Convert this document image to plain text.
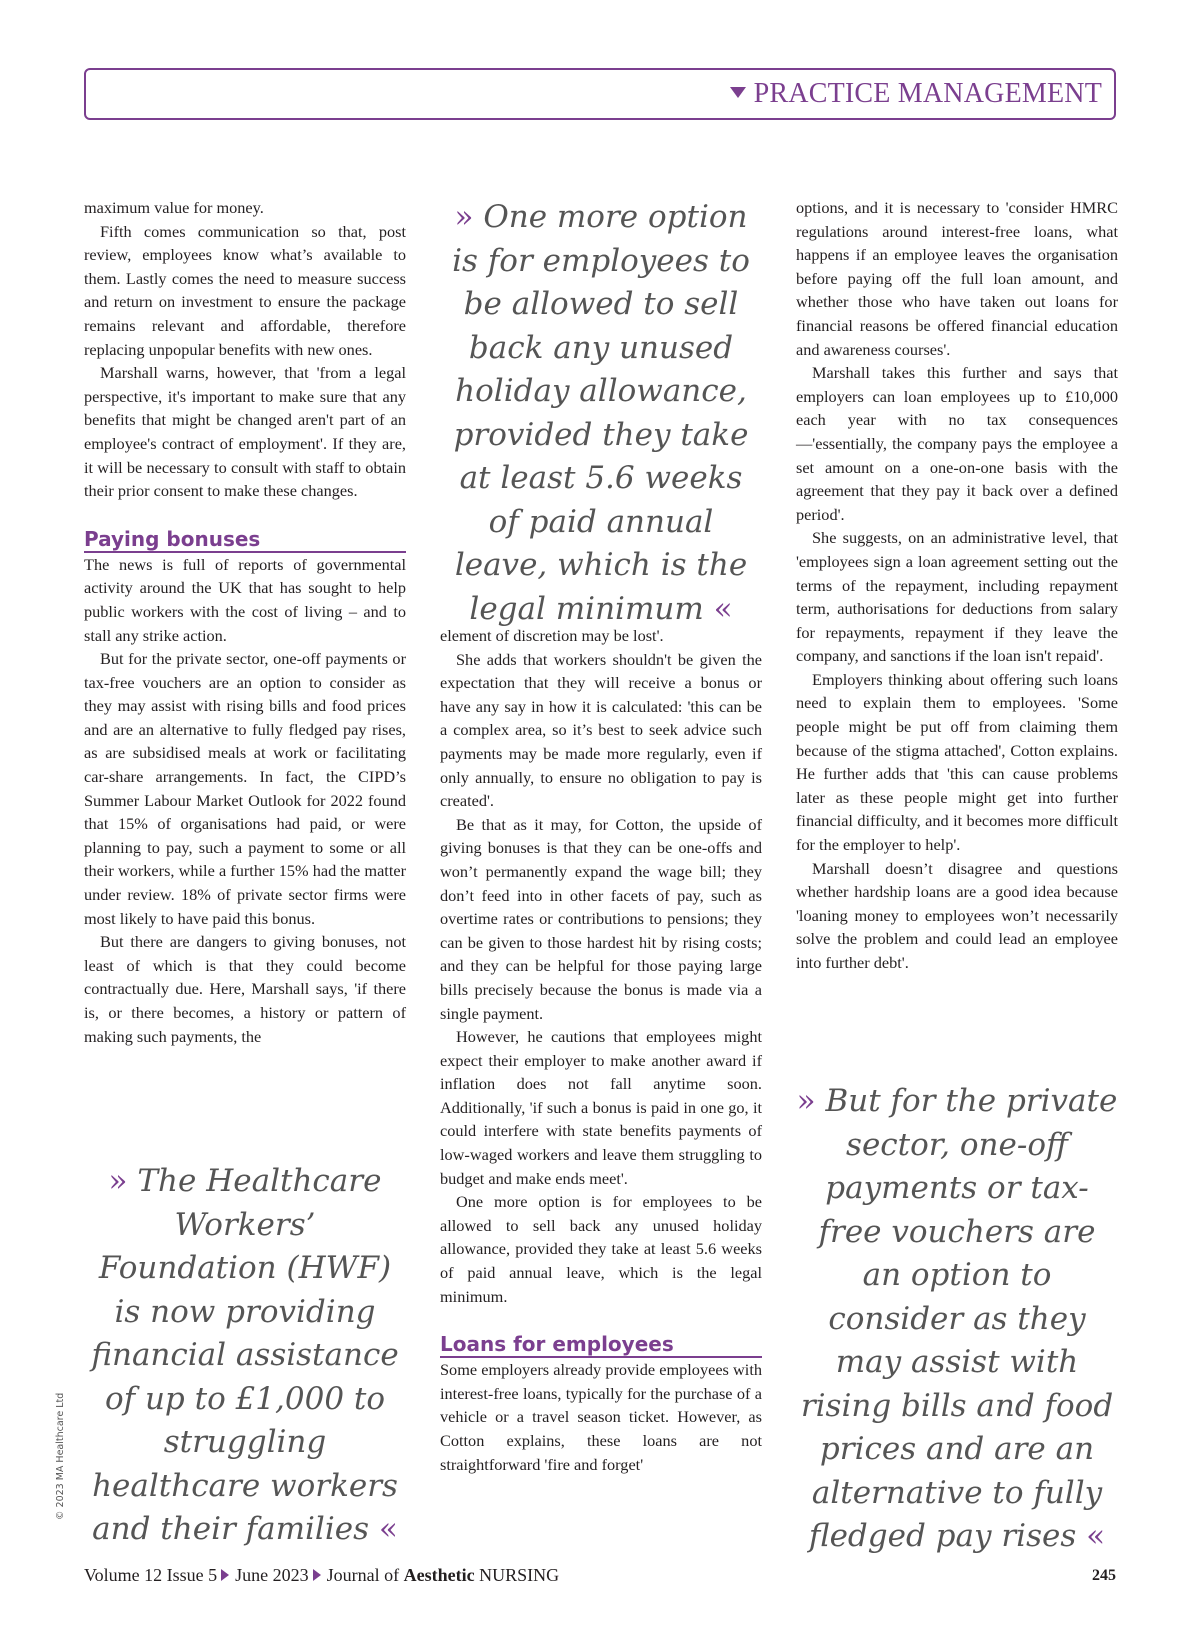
PRACTICE MANAGEMENT

maximum value for money.

Fifth comes communication so that, post review, employees know what’s available to them. Lastly comes the need to measure success and return on investment to ensure the package remains relevant and affordable, therefore replacing unpopular benefits with new ones.

Marshall warns, however, that 'from a legal perspective, it's important to make sure that any benefits that might be changed aren't part of an employee's contract of employment'. If they are, it will be necessary to consult with staff to obtain their prior consent to make these changes.

Paying bonuses

The news is full of reports of governmental activity around the UK that has sought to help public workers with the cost of living – and to stall any strike action.

But for the private sector, one-off payments or tax-free vouchers are an option to consider as they may assist with rising bills and food prices and are an alternative to fully fledged pay rises, as are subsidised meals at work or facilitating car-share arrangements. In fact, the CIPD’s Summer Labour Market Outlook for 2022 found that 15% of organisations had paid, or were planning to pay, such a payment to some or all their workers, while a further 15% had the matter under review. 18% of private sector firms were most likely to have paid this bonus.

But there are dangers to giving bonuses, not least of which is that they could become contractually due. Here, Marshall says, 'if there is, or there becomes, a history or pattern of making such payments, the

» One more option is for employees to be allowed to sell back any unused holiday allowance, provided they take at least 5.6 weeks of paid annual leave, which is the legal minimum «

element of discretion may be lost'.

She adds that workers shouldn't be given the expectation that they will receive a bonus or have any say in how it is calculated: 'this can be a complex area, so it’s best to seek advice such payments may be made more regularly, even if only annually, to ensure no obligation to pay is created'.

Be that as it may, for Cotton, the upside of giving bonuses is that they can be one-offs and won’t permanently expand the wage bill; they don’t feed into in other facets of pay, such as overtime rates or contributions to pensions; they can be given to those hardest hit by rising costs; and they can be helpful for those paying large bills precisely because the bonus is made via a single payment.

However, he cautions that employees might expect their employer to make another award if inflation does not fall anytime soon. Additionally, 'if such a bonus is paid in one go, it could interfere with state benefits payments of low-waged workers and leave them struggling to budget and make ends meet'.

One more option is for employees to be allowed to sell back any unused holiday allowance, provided they take at least 5.6 weeks of paid annual leave, which is the legal minimum.

Loans for employees

Some employers already provide employees with interest-free loans, typically for the purchase of a vehicle or a travel season ticket. However, as Cotton explains, these loans are not straightforward 'fire and forget'

options, and it is necessary to 'consider HMRC regulations around interest-free loans, what happens if an employee leaves the organisation before paying off the full loan amount, and whether those who have taken out loans for financial reasons be offered financial education and awareness courses'.

Marshall takes this further and says that employers can loan employees up to £10,000 each year with no tax consequences —'essentially, the company pays the employee a set amount on a one-on-one basis with the agreement that they pay it back over a defined period'.

She suggests, on an administrative level, that 'employees sign a loan agreement setting out the terms of the repayment, including repayment term, authorisations for deductions from salary for repayments, repayment if they leave the company, and sanctions if the loan isn't repaid'.

Employers thinking about offering such loans need to explain them to employees. 'Some people might be put off from claiming them because of the stigma attached', Cotton explains. He further adds that 'this can cause problems later as these people might get into further financial difficulty, and it becomes more difficult for the employer to help'.

Marshall doesn’t disagree and questions whether hardship loans are a good idea because 'loaning money to employees won’t necessarily solve the problem and could lead an employee into further debt'.

» The Healthcare Workers’ Foundation (HWF) is now providing financial assistance of up to £1,000 to struggling healthcare workers and their families «
» But for the private sector, one-off payments or tax-free vouchers are an option to consider as they may assist with rising bills and food prices and are an alternative to fully fledged pay rises «
© 2023 MA Healthcare Ltd
Volume 12 Issue 5 June 2023 Journal of Aesthetic NURSING	245
